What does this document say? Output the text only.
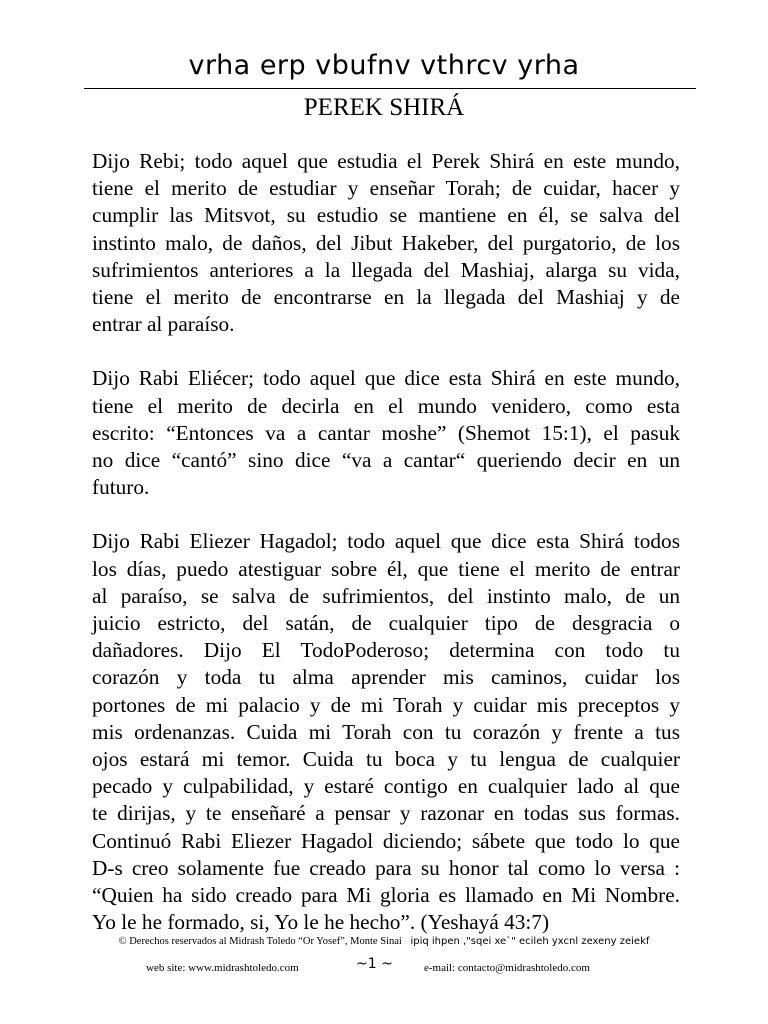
vrha erp vbufnv vthrcv yrha
PEREK SHIRÁ
Dijo Rebi; todo aquel que estudia el Perek Shirá en este mundo,
tiene el merito de estudiar y enseñar Torah; de cuidar, hacer y
cumplir las Mitsvot, su estudio se mantiene en él, se salva del
instinto malo, de daños, del Jibut Hakeber, del purgatorio, de los
sufrimientos anteriores a la llegada del Mashiaj, alarga su vida,
tiene el merito de encontrarse en la llegada del Mashiaj y de
entrar al paraíso.
Dijo Rabi Eliécer; todo aquel que dice esta Shirá en este mundo,
tiene el merito de decirla en el mundo venidero, como esta
escrito: “Entonces va a cantar moshe” (Shemot 15:1), el pasuk
no dice “cantó” sino dice “va a cantar“ queriendo decir en un
futuro.
Dijo Rabi Eliezer Hagadol; todo aquel que dice esta Shirá todos
los días, puedo atestiguar sobre él, que tiene el merito de entrar
al paraíso, se salva de sufrimientos, del instinto malo, de un
juicio estricto, del satán, de cualquier tipo de desgracia o
dañadores. Dijo El TodoPoderoso; determina con todo tu
corazón y toda tu alma aprender mis caminos, cuidar los
portones de mi palacio y de mi Torah y cuidar mis preceptos y
mis ordenanzas. Cuida mi Torah con tu corazón y frente a tus
ojos estará mi temor. Cuida tu boca y tu lengua de cualquier
pecado y culpabilidad, y estaré contigo en cualquier lado al que
te dirijas, y te enseñaré a pensar y razonar en todas sus formas.
Continuó Rabi Eliezer Hagadol diciendo; sábete que todo lo que
D-s creo solamente fue creado para su honor tal como lo versa :
“Quien ha sido creado para Mi gloria es llamado en Mi Nombre.
Yo le he formado, si, Yo le he hecho”. (Yeshayá 43:7)
© Derechos reservados al Midrash Toledo “Or Yosef”, Monte Sinai ipiq ihpen ,"sqei xe`" ecileh yxcnl zexeny zeiekf
web site: www.midrashtoledo.com	~1 ~	e-mail: contacto@midrashtoledo.com
